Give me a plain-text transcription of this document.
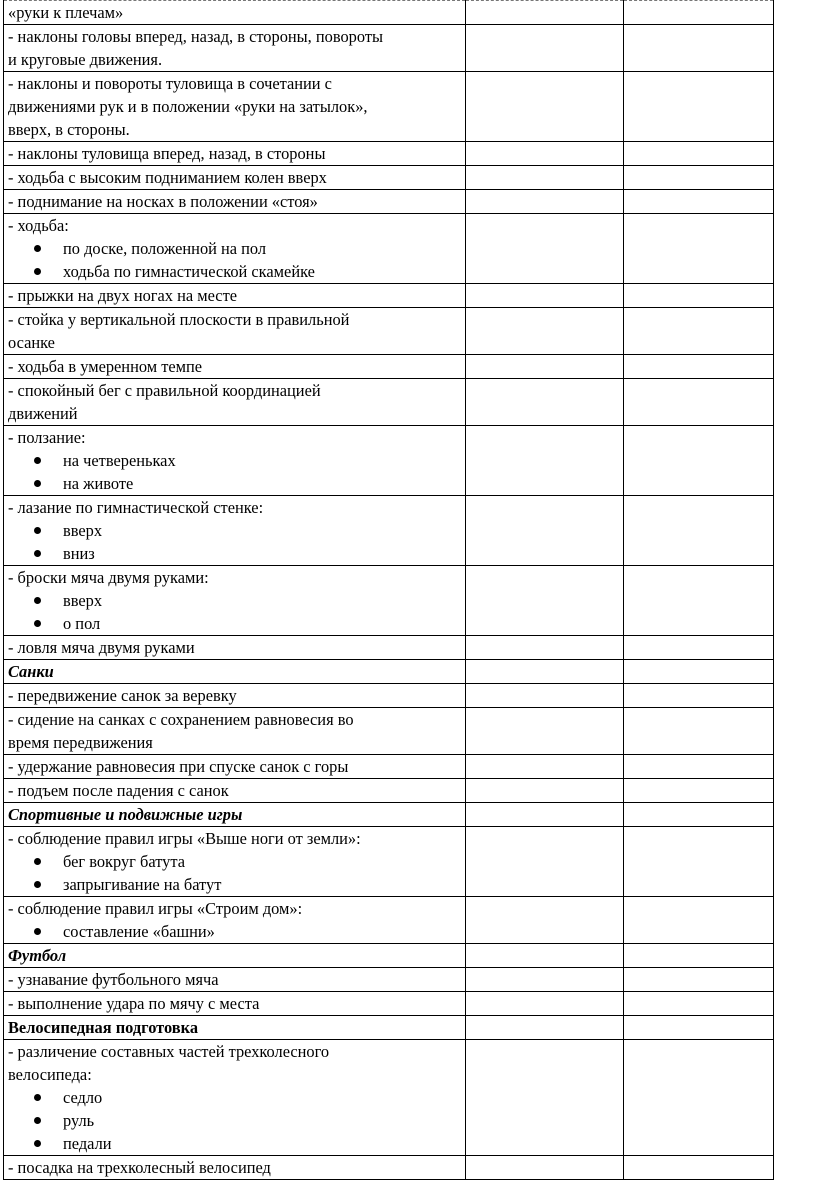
«руки к плечам»		

- наклоны головы вперед, назад, в стороны, повороты
и круговые движения.		

- наклоны и повороты туловища в сочетании с
движениями рук и в положении «руки на затылок»,
вверх, в стороны.		

- наклоны туловища вперед, назад, в стороны		

- ходьба с высоким подниманием колен вверх		

- поднимание на носках в положении «стоя»		

- ходьба:
по доске, положенной на пол
ходьба по гимнастической скамейке		

- прыжки на двух ногах на месте		

- стойка у вертикальной плоскости в правильной
осанке		

- ходьба в умеренном темпе		

- спокойный бег с правильной координацией
движений		

- ползание:
на четвереньках
на животе		

- лазание по гимнастической стенке:
вверх
вниз		

- броски мяча двумя руками:
вверх
о пол		

- ловля мяча двумя руками		

Санки		

- передвижение санок за веревку		

- сидение на санках с сохранением равновесия во
время передвижения		

- удержание равновесия при спуске санок с горы		

- подъем после падения с санок		

Спортивные и подвижные игры		

- соблюдение правил игры «Выше ноги от земли»:
бег вокруг батута
запрыгивание на батут		

- соблюдение правил игры «Строим дом»:
составление «башни»		

Футбол		

- узнавание футбольного мяча		

- выполнение удара по мячу с места		

Велосипедная подготовка		

- различение составных частей трехколесного
велосипеда:
седло
руль
педали		

- посадка на трехколесный велосипед		
